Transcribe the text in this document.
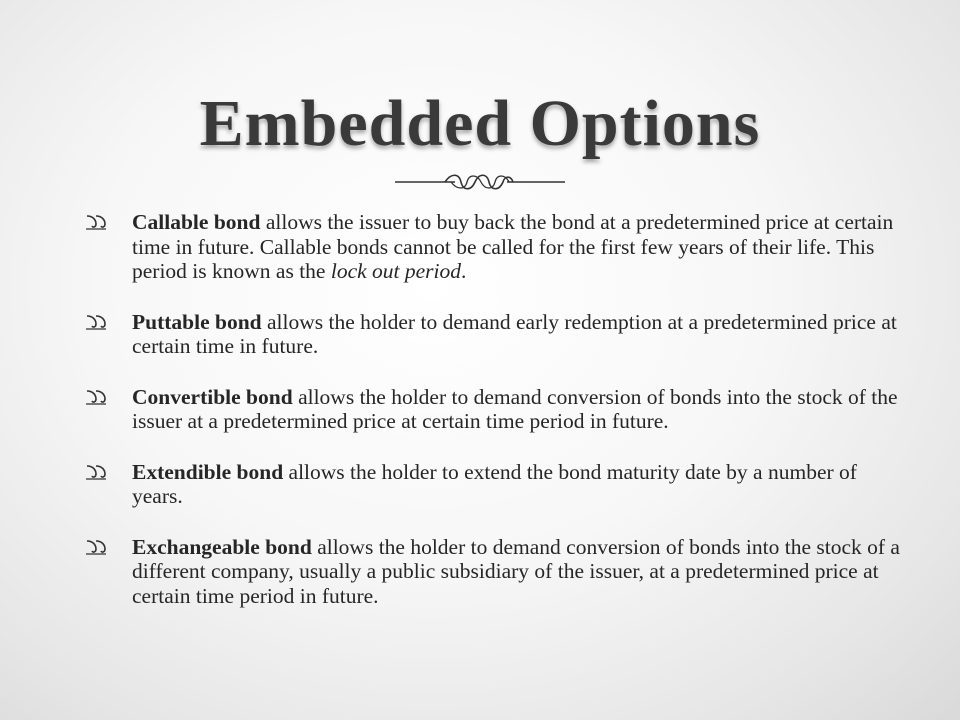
Embedded Options
Callable bond allows the issuer to buy back the bond at a predetermined price at certain time in future. Callable bonds cannot be called for the first few years of their life. This period is known as the lock out period.
Puttable bond allows the holder to demand early redemption at a predetermined price at certain time in future.
Convertible bond allows the holder to demand conversion of bonds into the stock of the issuer at a predetermined price at certain time period in future.
Extendible bond allows the holder to extend the bond maturity date by a number of years.
Exchangeable bond allows the holder to demand conversion of bonds into the stock of a different company, usually a public subsidiary of the issuer, at a predetermined price at certain time period in future.
